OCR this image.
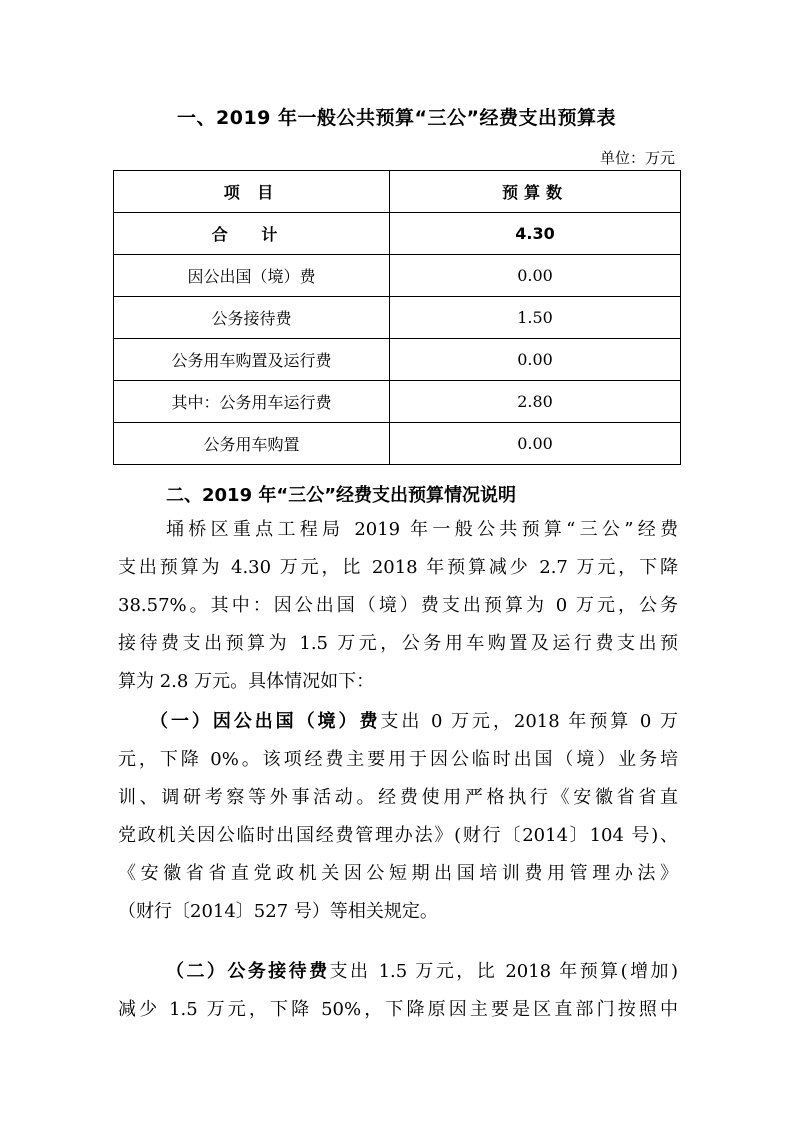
一、2019 年一般公共预算“三公”经费支出预算表
单位：万元
项 目	预算数
合 计	4.30
因公出国（境）费	0.00
公务接待费	1.50
公务用车购置及运行费	0.00
其中：公务用车运行费	2.80
公务用车购置	0.00
二、2019 年“三公”经费支出预算情况说明
埇桥区重点工程局 2019 年一般公共预算“三公”经费
支出预算为 4.30 万元，比 2018 年预算减少 2.7 万元，下降
38.57%。其中：因公出国（境）费支出预算为 0 万元，公务
接待费支出预算为 1.5 万元，公务用车购置及运行费支出预
算为 2.8 万元。具体情况如下：
（一）因公出国（境）费支出 0 万元，2018 年预算 0 万
元，下降 0%。该项经费主要用于因公临时出国（境）业务培
训、调研考察等外事活动。经费使用严格执行《安徽省省直
党政机关因公临时出国经费管理办法》(财行〔2014〕104 号)、
《安徽省省直党政机关因公短期出国培训费用管理办法》
（财行〔2014〕527 号）等相关规定。
（二）公务接待费支出 1.5 万元，比 2018 年预算(增加)
减少 1.5 万元，下降 50%，下降原因主要是区直部门按照中
